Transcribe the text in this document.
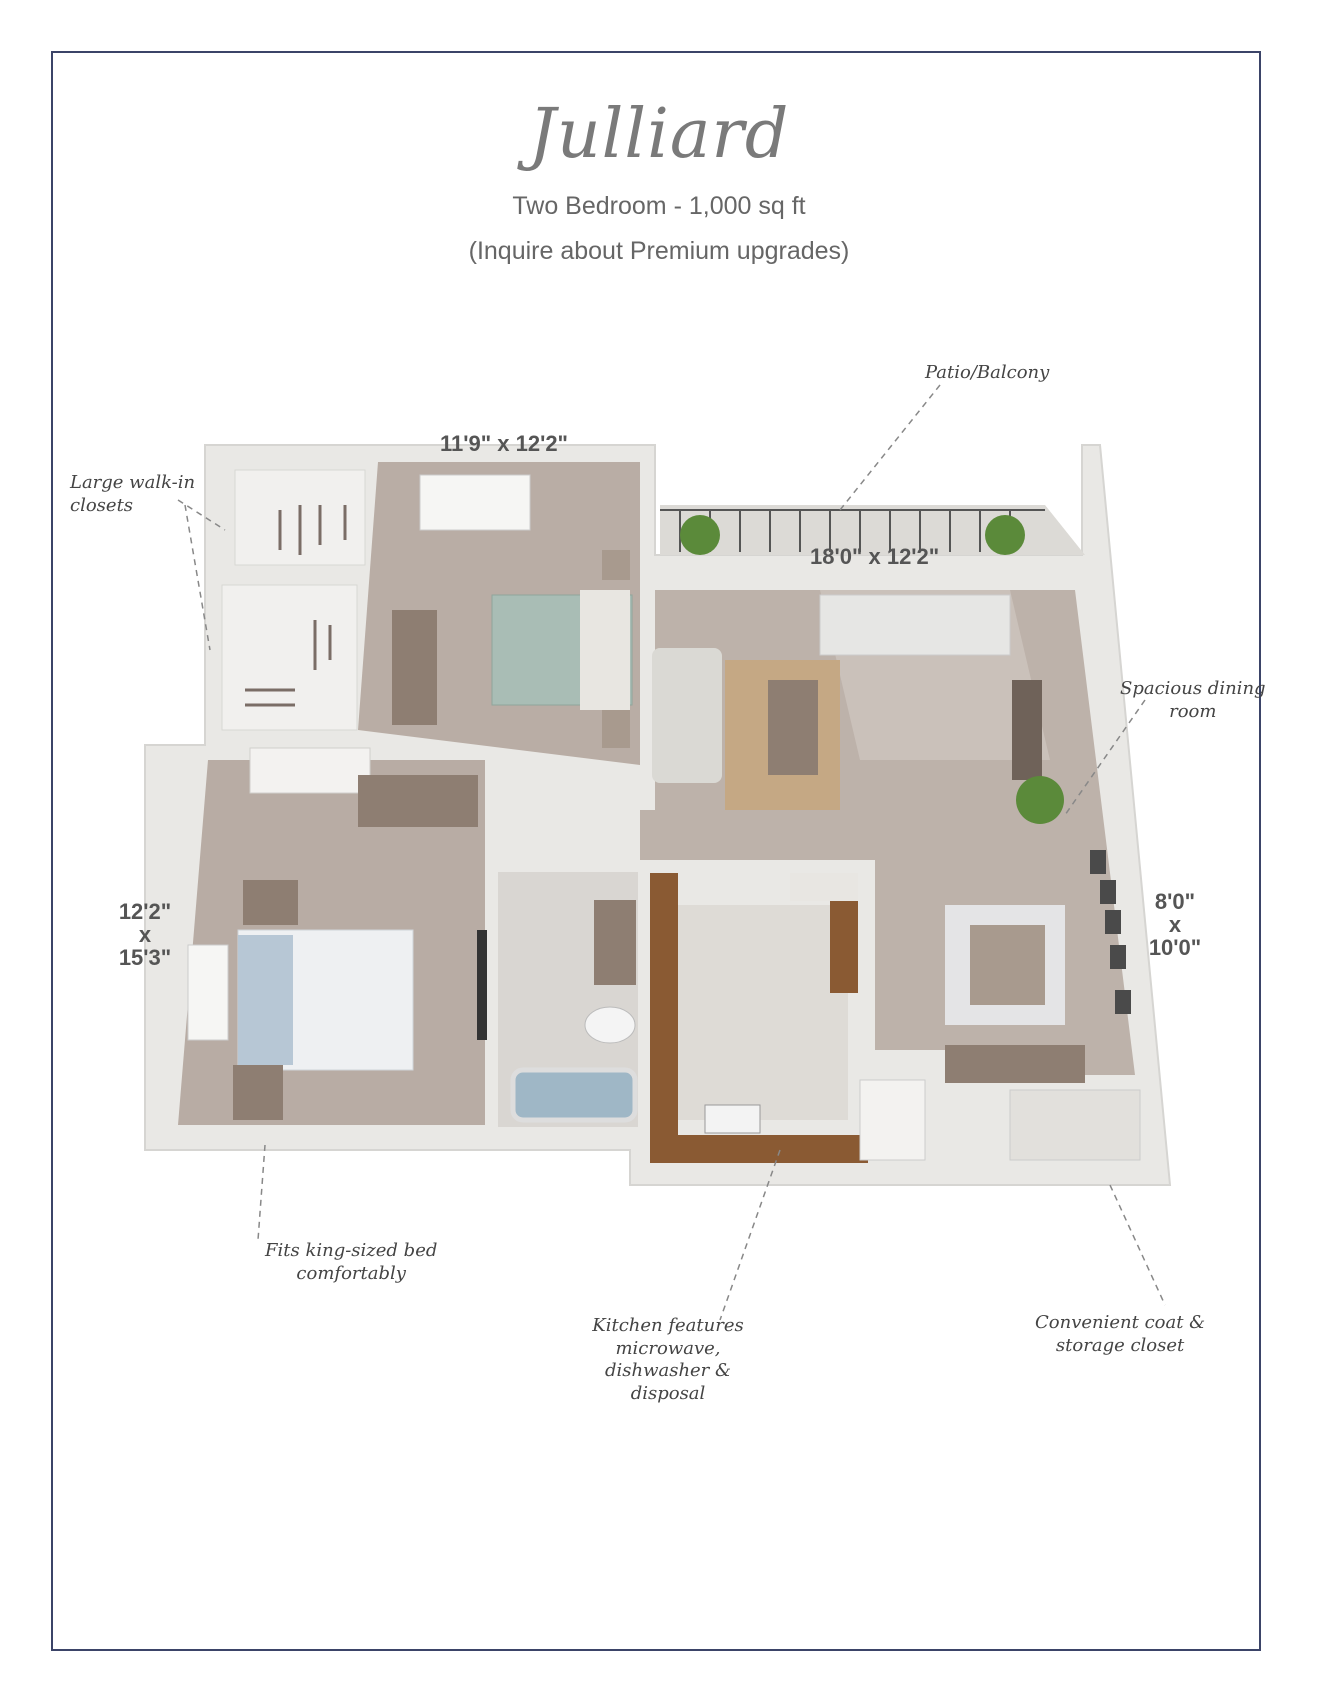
Julliard
Two Bedroom - 1,000 sq ft
(Inquire about Premium upgrades)
Patio/Balcony
Large walk-in
closets
Spacious dining
room
Fits king-sized bed
comfortably
Kitchen features
microwave,
dishwasher & disposal
Convenient coat &
storage closet
11'9" x 12'2"
18'0" x 12'2"
12'2"
x
15'3"
8'0"
x
10'0"
